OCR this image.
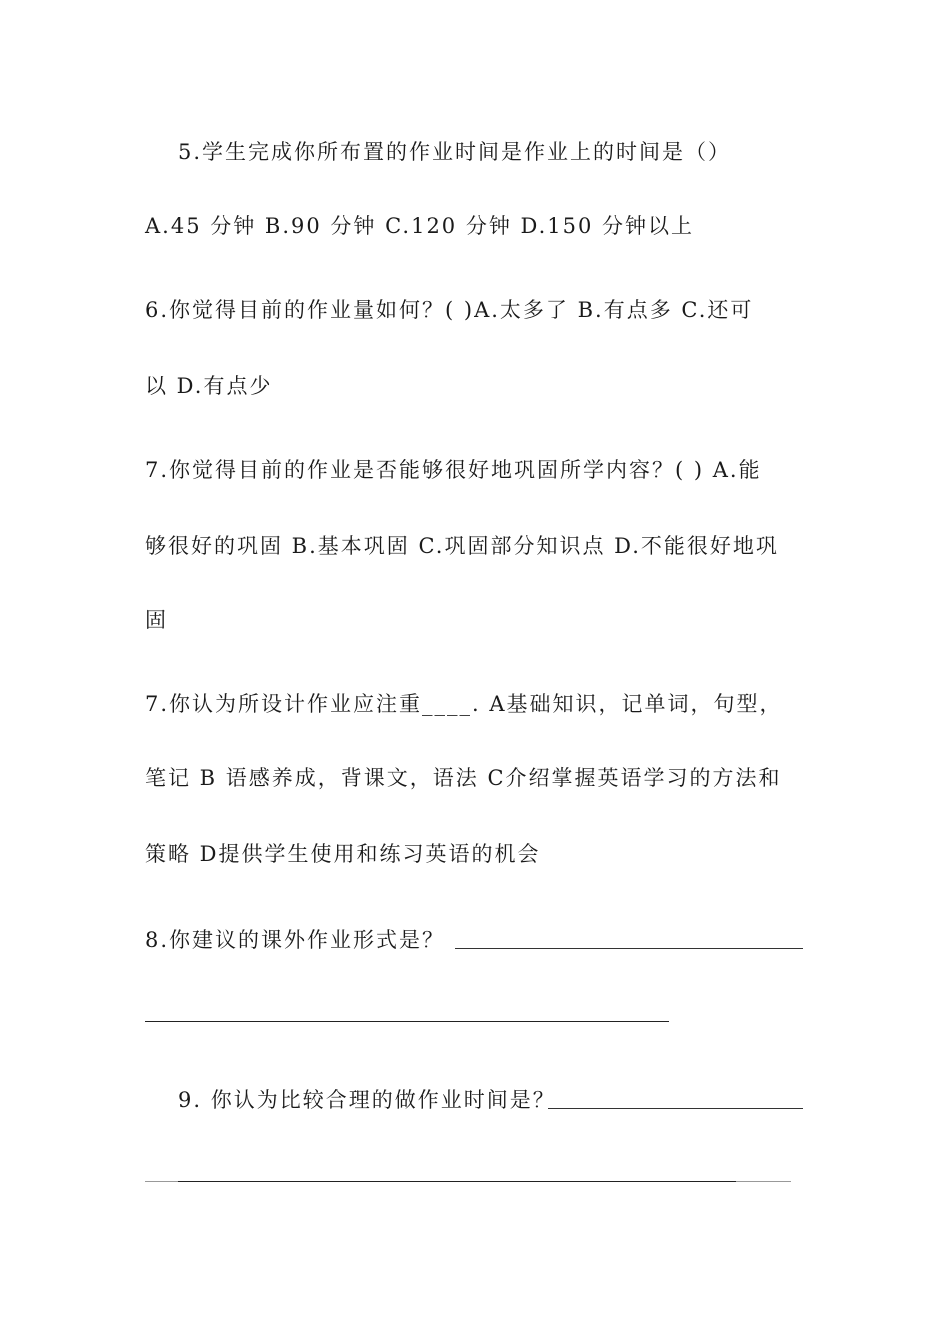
5.学生完成你所布置的作业时间是作业上的时间是（）
A.45 分钟 B.90 分钟 C.120 分钟 D.150 分钟以上
6.你觉得目前的作业量如何？( )A.太多了 B.有点多 C.还可
以 D.有点少
7.你觉得目前的作业是否能够很好地巩固所学内容？( ) A.能
够很好的巩固 B.基本巩固 C.巩固部分知识点 D.不能很好地巩
固
7.你认为所设计作业应注重____. A基础知识，记单词，句型，
笔记 B 语感养成，背课文，语法 C介绍掌握英语学习的方法和
策略 D提供学生使用和练习英语的机会
8.你建议的课外作业形式是？
9. 你认为比较合理的做作业时间是？
